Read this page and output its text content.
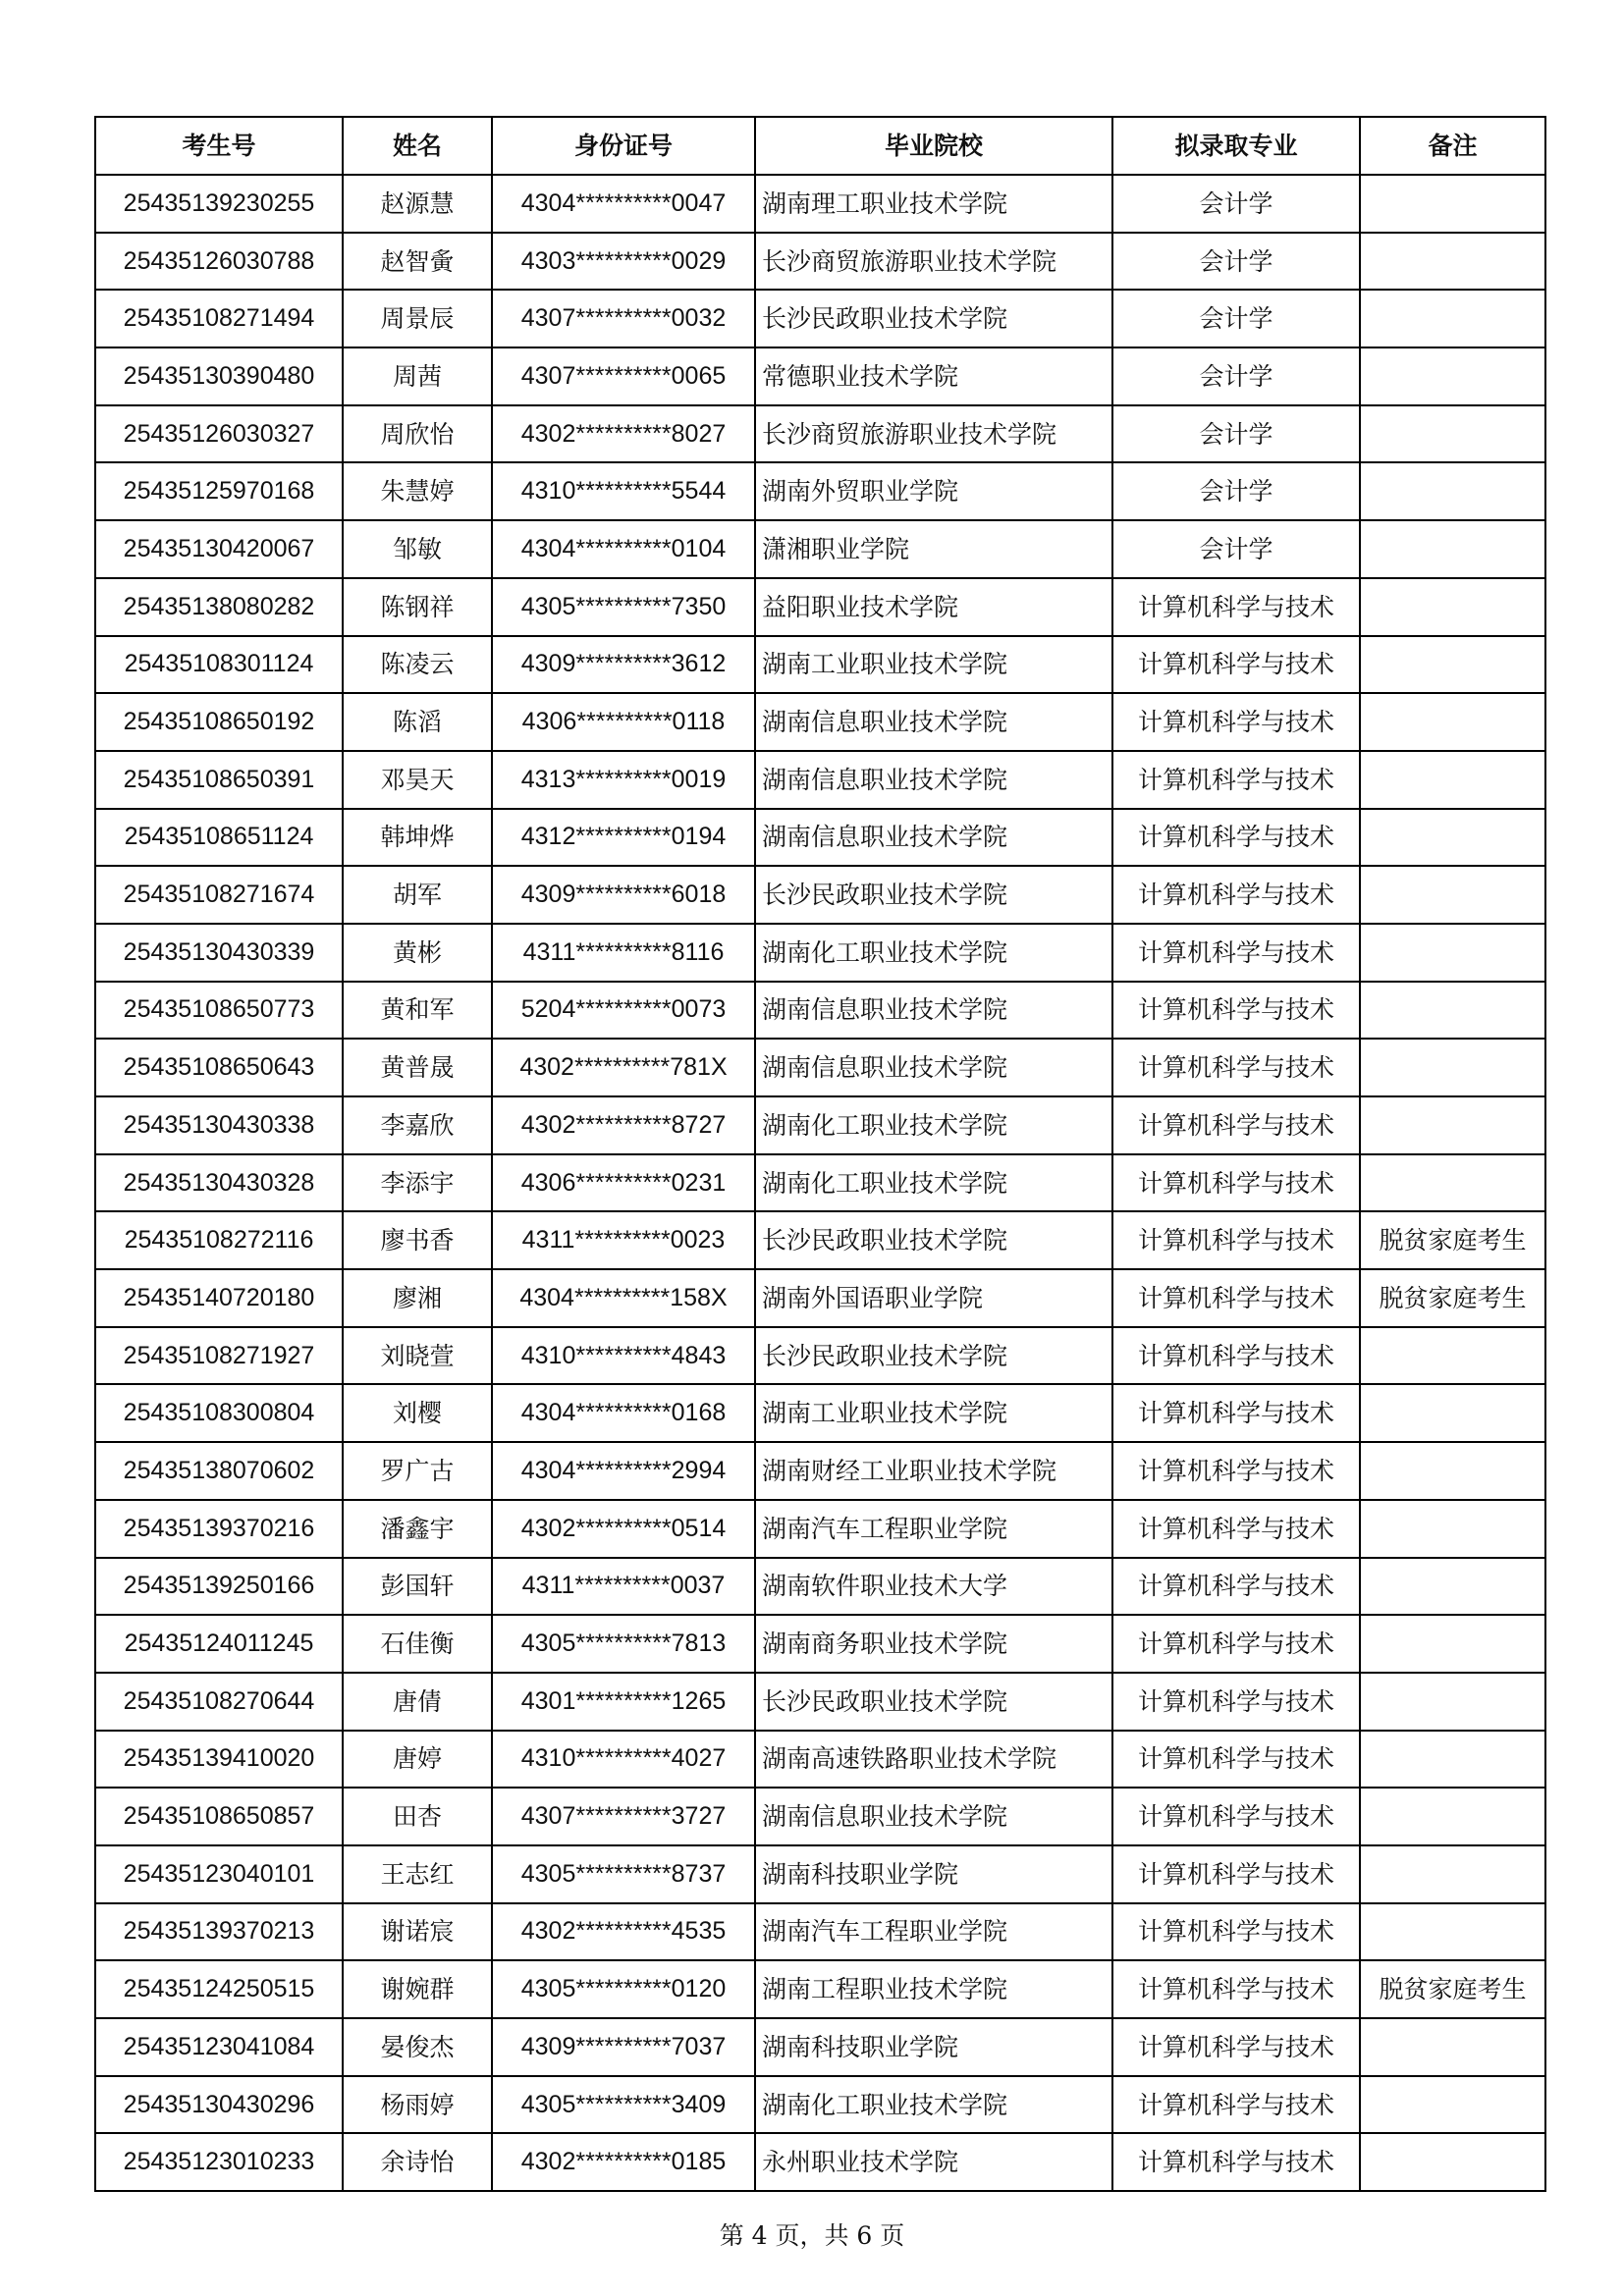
考生号	姓名	身份证号	毕业院校	拟录取专业	备注
25435139230255	赵源慧	4304**********0047	湖南理工职业技术学院	会计学	
25435126030788	赵智夤	4303**********0029	长沙商贸旅游职业技术学院	会计学	
25435108271494	周景辰	4307**********0032	长沙民政职业技术学院	会计学	
25435130390480	周茜	4307**********0065	常德职业技术学院	会计学	
25435126030327	周欣怡	4302**********8027	长沙商贸旅游职业技术学院	会计学	
25435125970168	朱慧婷	4310**********5544	湖南外贸职业学院	会计学	
25435130420067	邹敏	4304**********0104	潇湘职业学院	会计学	
25435138080282	陈钢祥	4305**********7350	益阳职业技术学院	计算机科学与技术	
25435108301124	陈凌云	4309**********3612	湖南工业职业技术学院	计算机科学与技术	
25435108650192	陈滔	4306**********0118	湖南信息职业技术学院	计算机科学与技术	
25435108650391	邓昊天	4313**********0019	湖南信息职业技术学院	计算机科学与技术	
25435108651124	韩坤烨	4312**********0194	湖南信息职业技术学院	计算机科学与技术	
25435108271674	胡军	4309**********6018	长沙民政职业技术学院	计算机科学与技术	
25435130430339	黄彬	4311**********8116	湖南化工职业技术学院	计算机科学与技术	
25435108650773	黄和军	5204**********0073	湖南信息职业技术学院	计算机科学与技术	
25435108650643	黄普晟	4302**********781X	湖南信息职业技术学院	计算机科学与技术	
25435130430338	李嘉欣	4302**********8727	湖南化工职业技术学院	计算机科学与技术	
25435130430328	李添宇	4306**********0231	湖南化工职业技术学院	计算机科学与技术	
25435108272116	廖书香	4311**********0023	长沙民政职业技术学院	计算机科学与技术	脱贫家庭考生
25435140720180	廖湘	4304**********158X	湖南外国语职业学院	计算机科学与技术	脱贫家庭考生
25435108271927	刘晓萱	4310**********4843	长沙民政职业技术学院	计算机科学与技术	
25435108300804	刘樱	4304**********0168	湖南工业职业技术学院	计算机科学与技术	
25435138070602	罗广古	4304**********2994	湖南财经工业职业技术学院	计算机科学与技术	
25435139370216	潘鑫宇	4302**********0514	湖南汽车工程职业学院	计算机科学与技术	
25435139250166	彭国轩	4311**********0037	湖南软件职业技术大学	计算机科学与技术	
25435124011245	石佳衡	4305**********7813	湖南商务职业技术学院	计算机科学与技术	
25435108270644	唐倩	4301**********1265	长沙民政职业技术学院	计算机科学与技术	
25435139410020	唐婷	4310**********4027	湖南高速铁路职业技术学院	计算机科学与技术	
25435108650857	田杏	4307**********3727	湖南信息职业技术学院	计算机科学与技术	
25435123040101	王志红	4305**********8737	湖南科技职业学院	计算机科学与技术	
25435139370213	谢诺宸	4302**********4535	湖南汽车工程职业学院	计算机科学与技术	
25435124250515	谢婉群	4305**********0120	湖南工程职业技术学院	计算机科学与技术	脱贫家庭考生
25435123041084	晏俊杰	4309**********7037	湖南科技职业学院	计算机科学与技术	
25435130430296	杨雨婷	4305**********3409	湖南化工职业技术学院	计算机科学与技术	
25435123010233	余诗怡	4302**********0185	永州职业技术学院	计算机科学与技术	
第 4 页，共 6 页
